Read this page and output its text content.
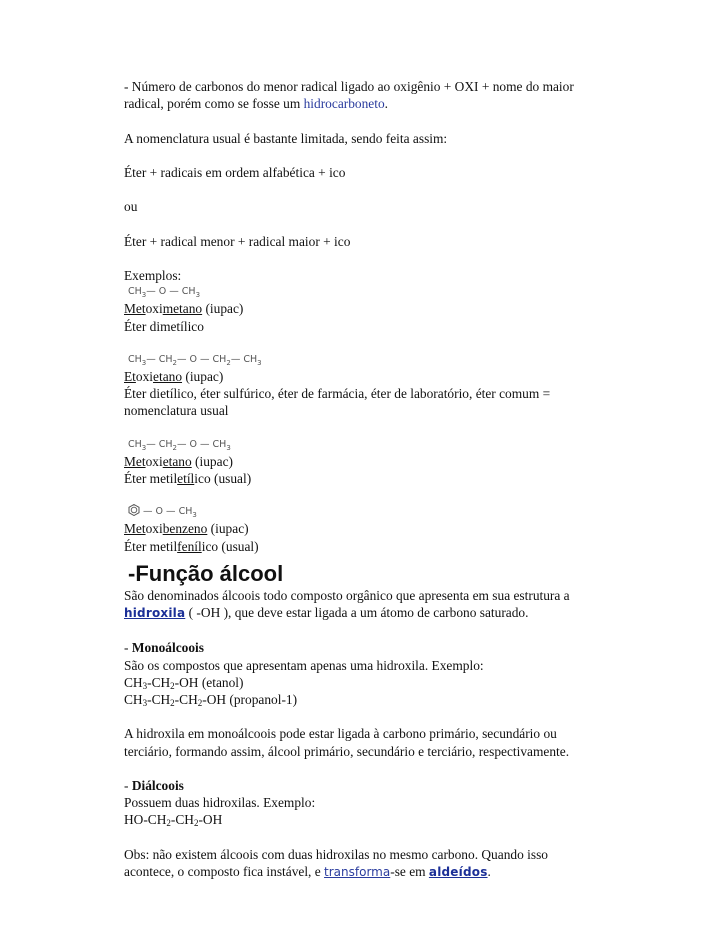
- Número de carbonos do menor radical ligado ao oxigênio + OXI + nome do maior

radical, porém como se fosse um hidrocarboneto.

A nomenclatura usual é bastante limitada, sendo feita assim:

Éter + radicais em ordem alfabética + ico

ou

Éter + radical menor + radical maior + ico

Exemplos:

$CH_3—$ O — $CH_3$

Metoximetano (iupac)

Éter dimetílico

$CH_3—$ $CH_2—$ O — $CH_2—$ $CH_3$

Etoxietano (iupac)

Éter dietílico, éter sulfúrico, éter de farmácia, éter de laboratório, éter comum =

nomenclatura usual

$CH_3—$ $CH_2—$ O — $CH_3$

Metoxietano (iupac)

Éter metiletílico (usual)

— O — $CH_3$

Metoxibenzeno (iupac)

Éter metilfenílico (usual)

-Função álcool

São denominados álcoois todo composto orgânico que apresenta em sua estrutura a

hidroxila ( -OH ), que deve estar ligada a um átomo de carbono saturado.

- Monoálcoois

São os compostos que apresentam apenas uma hidroxila. Exemplo:

$CH_3-CH_2-OH$ (etanol)

$CH_3-CH_2-CH_2-OH$ (propanol-1)

A hidroxila em monoálcoois pode estar ligada à carbono primário, secundário ou

terciário, formando assim, álcool primário, secundário e terciário, respectivamente.

- Diálcoois

Possuem duas hidroxilas. Exemplo:

$HO-CH_2-CH_2-OH$

Obs: não existem álcoois com duas hidroxilas no mesmo carbono. Quando isso

acontece, o composto fica instável, e transforma-se em aldeídos.
